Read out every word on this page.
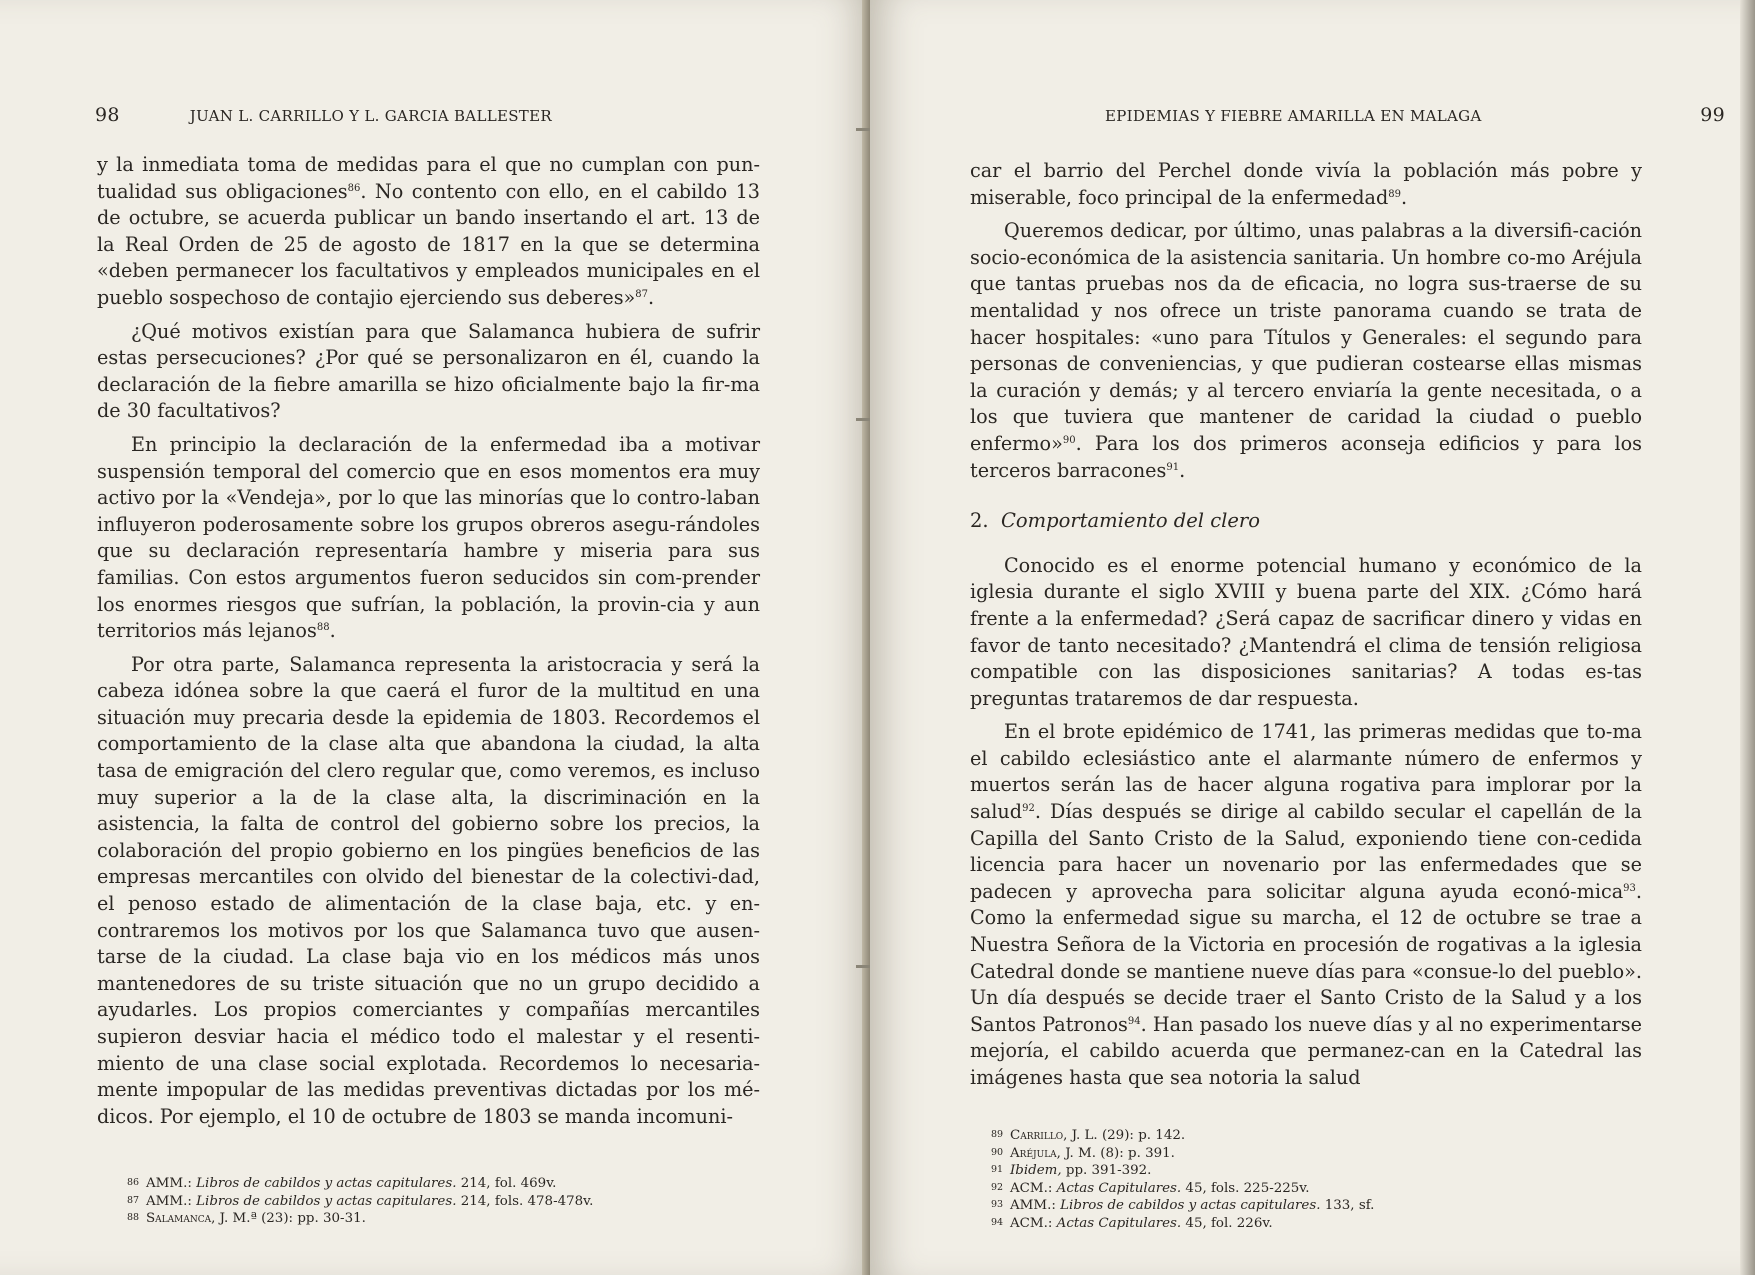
98	JUAN L. CARRILLO Y L. GARCIA BALLESTER

y la inmediata toma de medidas para el que no cumplan con pun-tualidad sus obligaciones$^{86}$. No contento con ello, en el cabildo 13 de octubre, se acuerda publicar un bando insertando el art. 13 de la Real Orden de 25 de agosto de 1817 en la que se determina «deben permanecer los facultativos y empleados municipales en el pueblo sospechoso de contajio ejerciendo sus deberes»$^{87}$.

¿Qué motivos existían para que Salamanca hubiera de sufrir estas persecuciones? ¿Por qué se personalizaron en él, cuando la declaración de la fiebre amarilla se hizo oficialmente bajo la fir-ma de 30 facultativos?

En principio la declaración de la enfermedad iba a motivar suspensión temporal del comercio que en esos momentos era muy activo por la «Vendeja», por lo que las minorías que lo contro-laban influyeron poderosamente sobre los grupos obreros asegu-rándoles que su declaración representaría hambre y miseria para sus familias. Con estos argumentos fueron seducidos sin com-prender los enormes riesgos que sufrían, la población, la provin-cia y aun territorios más lejanos$^{88}$.

Por otra parte, Salamanca representa la aristocracia y será la cabeza idónea sobre la que caerá el furor de la multitud en una situación muy precaria desde la epidemia de 1803. Recordemos el comportamiento de la clase alta que abandona la ciudad, la alta tasa de emigración del clero regular que, como veremos, es incluso muy superior a la de la clase alta, la discriminación en la asistencia, la falta de control del gobierno sobre los precios, la colaboración del propio gobierno en los pingües beneficios de las empresas mercantiles con olvido del bienestar de la colectivi-dad, el penoso estado de alimentación de la clase baja, etc. y en-contraremos los motivos por los que Salamanca tuvo que ausen-tarse de la ciudad. La clase baja vio en los médicos más unos mantenedores de su triste situación que no un grupo decidido a ayudarles. Los propios comerciantes y compañías mercantiles supieron desviar hacia el médico todo el malestar y el resenti-miento de una clase social explotada. Recordemos lo necesaria-mente impopular de las medidas preventivas dictadas por los mé-dicos. Por ejemplo, el 10 de octubre de 1803 se manda incomuni-

86 AMM.: Libros de cabildos y actas capitulares. 214, fol. 469v.
87 AMM.: Libros de cabildos y actas capitulares. 214, fols. 478-478v.
88 Salamanca, J. M.ª (23): pp. 30-31.
EPIDEMIAS Y FIEBRE AMARILLA EN MALAGA	99

car el barrio del Perchel donde vivía la población más pobre y miserable, foco principal de la enfermedad$^{89}$.

Queremos dedicar, por último, unas palabras a la diversifi-cación socio-económica de la asistencia sanitaria. Un hombre co-mo Aréjula que tantas pruebas nos da de eficacia, no logra sus-traerse de su mentalidad y nos ofrece un triste panorama cuando se trata de hacer hospitales: «uno para Títulos y Generales: el segundo para personas de conveniencias, y que pudieran costearse ellas mismas la curación y demás; y al tercero enviaría la gente necesitada, o a los que tuviera que mantener de caridad la ciudad o pueblo enfermo»$^{90}$. Para los dos primeros aconseja edificios y para los terceros barracones$^{91}$.

2. Comportamiento del clero

Conocido es el enorme potencial humano y económico de la iglesia durante el siglo XVIII y buena parte del XIX. ¿Cómo hará frente a la enfermedad? ¿Será capaz de sacrificar dinero y vidas en favor de tanto necesitado? ¿Mantendrá el clima de tensión religiosa compatible con las disposiciones sanitarias? A todas es-tas preguntas trataremos de dar respuesta.

En el brote epidémico de 1741, las primeras medidas que to-ma el cabildo eclesiástico ante el alarmante número de enfermos y muertos serán las de hacer alguna rogativa para implorar por la salud$^{92}$. Días después se dirige al cabildo secular el capellán de la Capilla del Santo Cristo de la Salud, exponiendo tiene con-cedida licencia para hacer un novenario por las enfermedades que se padecen y aprovecha para solicitar alguna ayuda econó-mica$^{93}$. Como la enfermedad sigue su marcha, el 12 de octubre se trae a Nuestra Señora de la Victoria en procesión de rogativas a la iglesia Catedral donde se mantiene nueve días para «consue-lo del pueblo». Un día después se decide traer el Santo Cristo de la Salud y a los Santos Patronos$^{94}$. Han pasado los nueve días y al no experimentarse mejoría, el cabildo acuerda que permanez-can en la Catedral las imágenes hasta que sea notoria la salud

89 Carrillo, J. L. (29): p. 142.
90 Aréjula, J. M. (8): p. 391.
91 Ibidem, pp. 391-392.
92 ACM.: Actas Capitulares. 45, fols. 225-225v.
93 AMM.: Libros de cabildos y actas capitulares. 133, sf.
94 ACM.: Actas Capitulares. 45, fol. 226v.
